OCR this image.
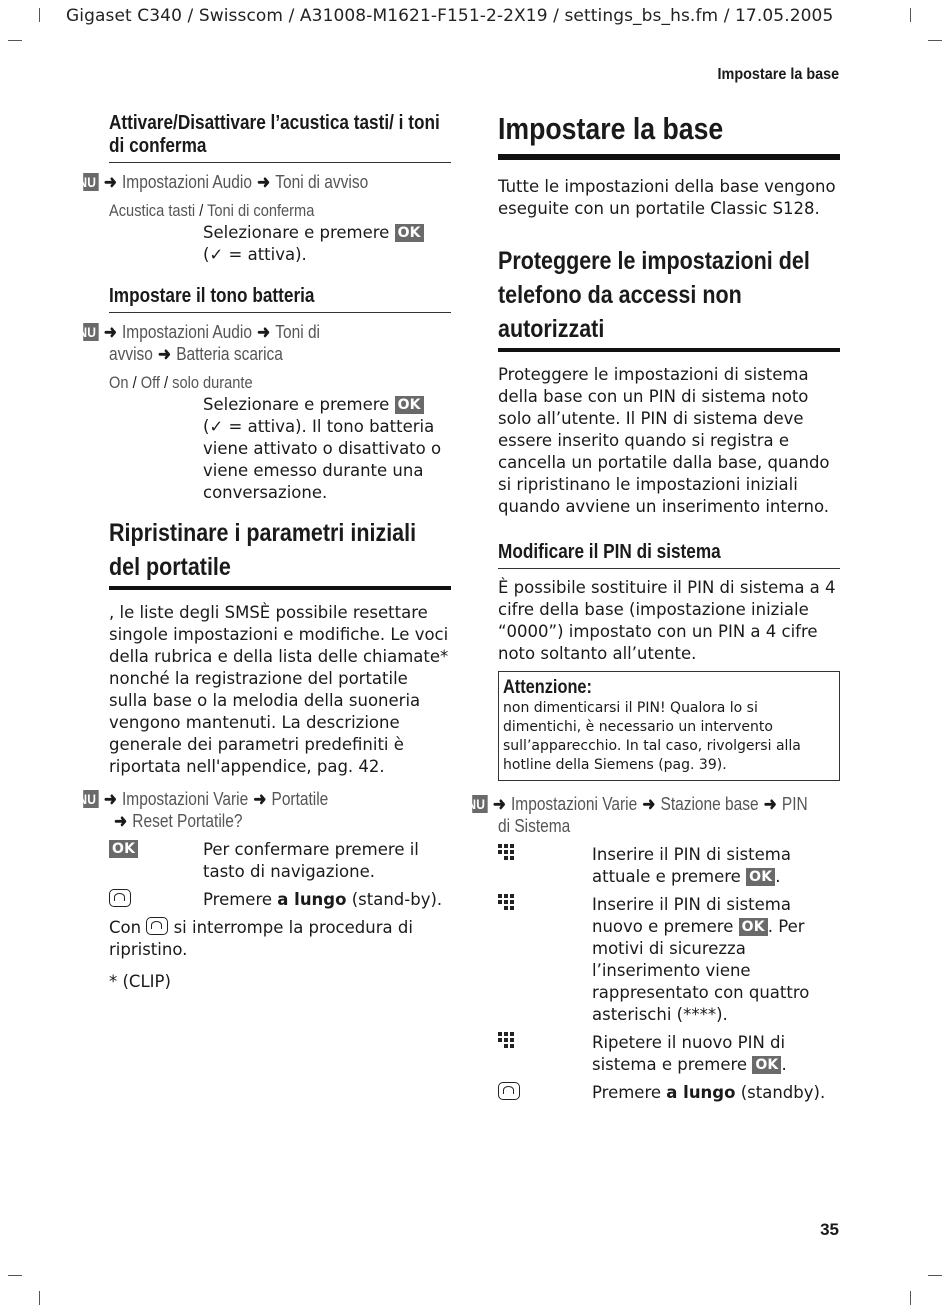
Gigaset C340 / Swisscom / A31008-M1621-F151-2-2X19 / settings_bs_hs.fm / 17.05.2005
Impostare la base
Attivare/Disattivare l’acustica tasti/ i toni di conferma
MENU ➜ Impostazioni Audio ➜ Toni di avviso
Acustica tasti / Toni di conferma
Selezionare e premere OK
(✓ = attiva).
Impostare il tono batteria
MENU ➜ Impostazioni Audio ➜ Toni di avviso ➜ Batteria scarica
On / Off / solo durante
Selezionare e premere OK
(✓ = attiva). Il tono batteria viene attivato o disattivato o viene emesso durante una conversazione.
Ripristinare i parametri iniziali del portatile

, le liste degli SMSÈ possibile resettare singole impostazioni e modifiche. Le voci della rubrica e della lista delle chiamate* nonché la registrazione del portatile sulla base o la melodia della suoneria vengono mantenuti. La descrizione generale dei parametri predefiniti è riportata nell'appendice, pag. 42.

MENU ➜ Impostazioni Varie ➜ Portatile
➜ Reset Portatile?
OK	Per confermare premere il tasto di navigazione.
Premere a lungo (stand-by).

Con si interrompe la procedura di ripristino.

* (CLIP)

Impostare la base

Tutte le impostazioni della base vengono eseguite con un portatile Classic S128.

Proteggere le impostazioni del telefono da accessi non autorizzati

Proteggere le impostazioni di sistema della base con un PIN di sistema noto solo all’utente. Il PIN di sistema deve essere inserito quando si registra e cancella un portatile dalla base, quando si ripristinano le impostazioni iniziali quando avviene un inserimento interno.

Modificare il PIN di sistema

È possibile sostituire il PIN di sistema a 4 cifre della base (impostazione iniziale “0000”) impostato con un PIN a 4 cifre noto soltanto all’utente.

Attenzione:
non dimenticarsi il PIN! Qualora lo si dimentichi, è necessario un intervento sull’apparecchio. In tal caso, rivolgersi alla hotline della Siemens (pag. 39).
MENU ➜ Impostazioni Varie ➜ Stazione base ➜ PIN di Sistema
Inserire il PIN di sistema attuale e premere OK .
Inserire il PIN di sistema nuovo e premere OK . Per motivi di sicurezza l’inserimento viene rappresentato con quattro asterischi (****).
Ripetere il nuovo PIN di sistema e premere OK .
Premere a lungo (standby).
35
